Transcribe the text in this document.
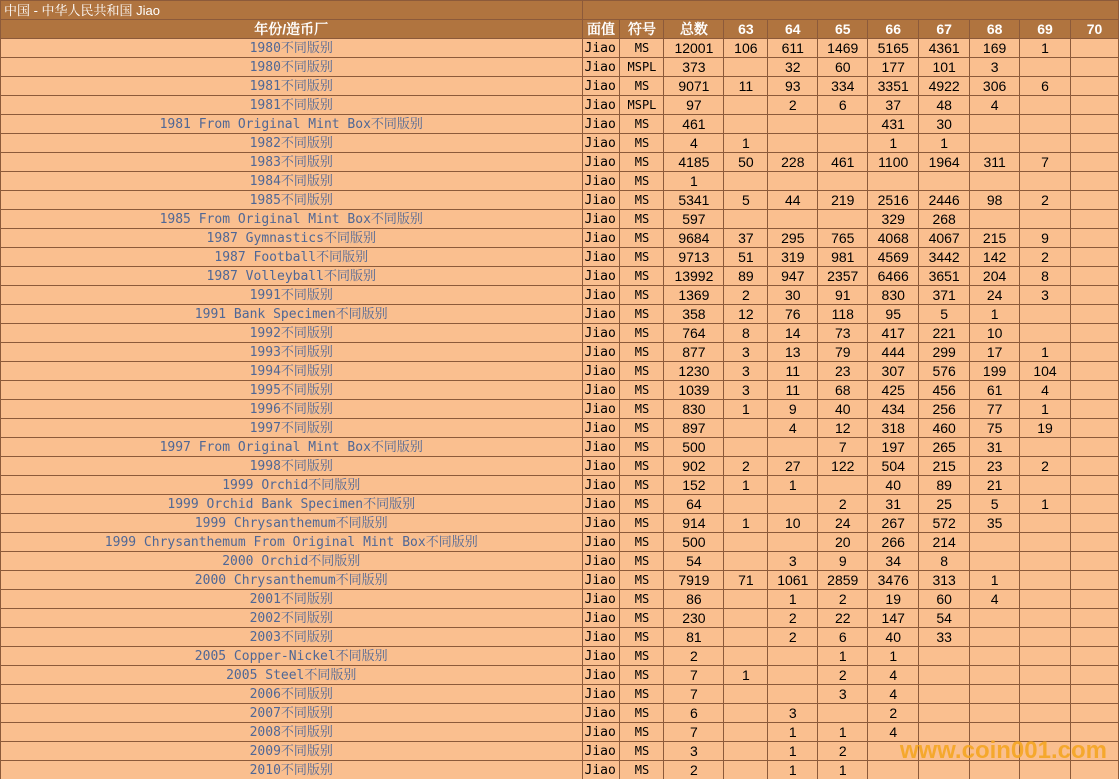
中国 - 中华人民共和国 Jiao											
年份/造币厂	面值	符号	总数	63	64	65	66	67	68	69	70
1980不同版别	Jiao	MS	12001	106	611	1469	5165	4361	169	1	
1980不同版别	Jiao	MSPL	373		32	60	177	101	3		
1981不同版别	Jiao	MS	9071	11	93	334	3351	4922	306	6	
1981不同版别	Jiao	MSPL	97		2	6	37	48	4		
1981 From Original Mint Box不同版别	Jiao	MS	461				431	30			
1982不同版别	Jiao	MS	4	1			1	1			
1983不同版别	Jiao	MS	4185	50	228	461	1100	1964	311	7	
1984不同版别	Jiao	MS	1								
1985不同版别	Jiao	MS	5341	5	44	219	2516	2446	98	2	
1985 From Original Mint Box不同版别	Jiao	MS	597				329	268			
1987 Gymnastics不同版别	Jiao	MS	9684	37	295	765	4068	4067	215	9	
1987 Football不同版别	Jiao	MS	9713	51	319	981	4569	3442	142	2	
1987 Volleyball不同版别	Jiao	MS	13992	89	947	2357	6466	3651	204	8	
1991不同版别	Jiao	MS	1369	2	30	91	830	371	24	3	
1991 Bank Specimen不同版别	Jiao	MS	358	12	76	118	95	5	1		
1992不同版别	Jiao	MS	764	8	14	73	417	221	10		
1993不同版别	Jiao	MS	877	3	13	79	444	299	17	1	
1994不同版别	Jiao	MS	1230	3	11	23	307	576	199	104	
1995不同版别	Jiao	MS	1039	3	11	68	425	456	61	4	
1996不同版别	Jiao	MS	830	1	9	40	434	256	77	1	
1997不同版别	Jiao	MS	897		4	12	318	460	75	19	
1997 From Original Mint Box不同版别	Jiao	MS	500			7	197	265	31		
1998不同版别	Jiao	MS	902	2	27	122	504	215	23	2	
1999 Orchid不同版别	Jiao	MS	152	1	1		40	89	21		
1999 Orchid Bank Specimen不同版别	Jiao	MS	64			2	31	25	5	1	
1999 Chrysanthemum不同版别	Jiao	MS	914	1	10	24	267	572	35		
1999 Chrysanthemum From Original Mint Box不同版别	Jiao	MS	500			20	266	214			
2000 Orchid不同版别	Jiao	MS	54		3	9	34	8			
2000 Chrysanthemum不同版别	Jiao	MS	7919	71	1061	2859	3476	313	1		
2001不同版别	Jiao	MS	86		1	2	19	60	4		
2002不同版别	Jiao	MS	230		2	22	147	54			
2003不同版别	Jiao	MS	81		2	6	40	33			
2005 Copper-Nickel不同版别	Jiao	MS	2			1	1				
2005 Steel不同版别	Jiao	MS	7	1		2	4				
2006不同版别	Jiao	MS	7			3	4				
2007不同版别	Jiao	MS	6		3		2				
2008不同版别	Jiao	MS	7		1	1	4				
2009不同版别	Jiao	MS	3		1	2					
2010不同版别	Jiao	MS	2		1	1					
www.coin001.com
